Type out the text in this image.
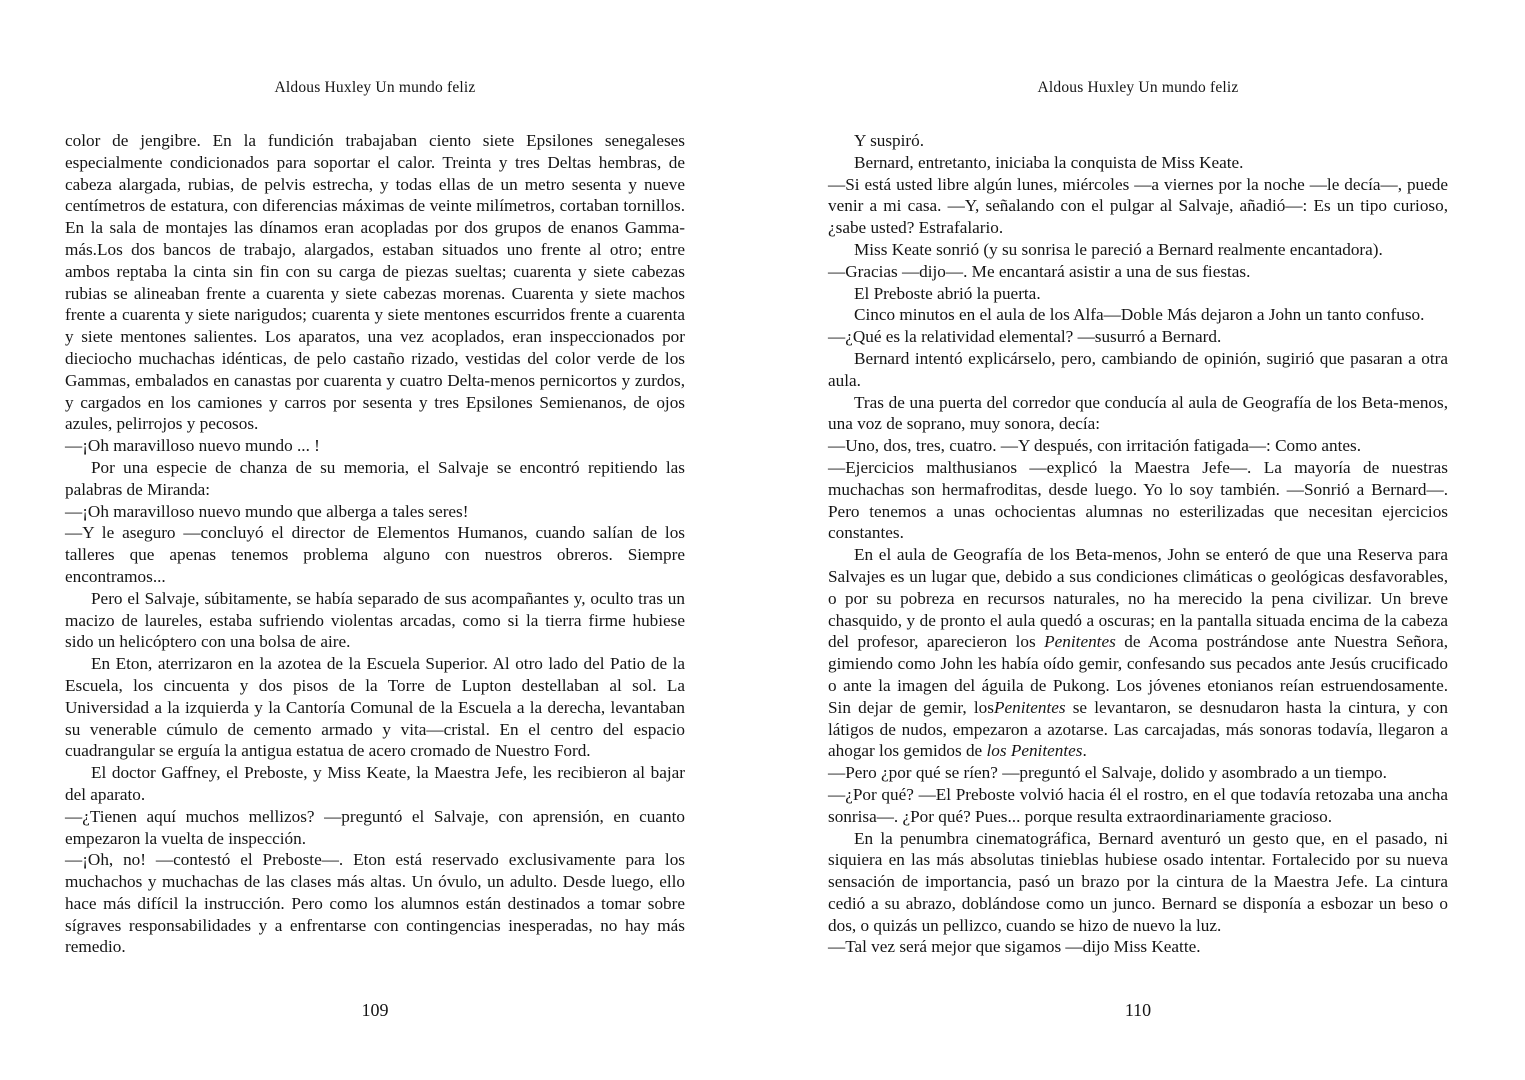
Aldous Huxley Un mundo feliz

color de jengibre. En la fundición trabajaban ciento siete Epsilones senegaleses especialmente condicionados para soportar el calor. Treinta y tres Deltas hembras, de cabeza alargada, rubias, de pelvis estrecha, y todas ellas de un metro sesenta y nueve centímetros de estatura, con diferencias máximas de veinte milímetros, cortaban tornillos. En la sala de montajes las dínamos eran acopladas por dos grupos de enanos Gamma-más.Los dos bancos de trabajo, alargados, estaban situados uno frente al otro; entre ambos reptaba la cinta sin fin con su carga de piezas sueltas; cuarenta y siete cabezas rubias se alineaban frente a cuarenta y siete cabezas morenas. Cuarenta y siete machos frente a cuarenta y siete narigudos; cuarenta y siete mentones escurridos frente a cuarenta y siete mentones salientes. Los aparatos, una vez acoplados, eran inspeccionados por dieciocho muchachas idénticas, de pelo castaño rizado, vestidas del color verde de los Gammas, embalados en canastas por cuarenta y cuatro Delta-menos pernicortos y zurdos, y cargados en los camiones y carros por sesenta y tres Epsilones Semienanos, de ojos azules, pelirrojos y pecosos.

—¡Oh maravilloso nuevo mundo ... !

Por una especie de chanza de su memoria, el Salvaje se encontró repitiendo las palabras de Miranda:

—¡Oh maravilloso nuevo mundo que alberga a tales seres!

—Y le aseguro —concluyó el director de Elementos Humanos, cuando salían de los talleres que apenas tenemos problema alguno con nuestros obreros. Siempre encontramos...

Pero el Salvaje, súbitamente, se había separado de sus acompañantes y, oculto tras un macizo de laureles, estaba sufriendo violentas arcadas, como si la tierra firme hubiese sido un helicóptero con una bolsa de aire.

En Eton, aterrizaron en la azotea de la Escuela Superior. Al otro lado del Patio de la Escuela, los cincuenta y dos pisos de la Torre de Lupton destellaban al sol. La Universidad a la izquierda y la Cantoría Comunal de la Escuela a la derecha, levantaban su venerable cúmulo de cemento armado y vita—cristal. En el centro del espacio cuadrangular se erguía la antigua estatua de acero cromado de Nuestro Ford.

El doctor Gaffney, el Preboste, y Miss Keate, la Maestra Jefe, les recibieron al bajar del aparato.

—¿Tienen aquí muchos mellizos? —preguntó el Salvaje, con aprensión, en cuanto empezaron la vuelta de inspección.

—¡Oh, no! —contestó el Preboste—. Eton está reservado exclusivamente para los muchachos y muchachas de las clases más altas. Un óvulo, un adulto. Desde luego, ello hace más difícil la instrucción. Pero como los alumnos están destinados a tomar sobre sígraves responsabilidades y a enfrentarse con contingencias inesperadas, no hay más remedio.

109
Aldous Huxley Un mundo feliz

Y suspiró.

Bernard, entretanto, iniciaba la conquista de Miss Keate.

—Si está usted libre algún lunes, miércoles —a viernes por la noche —le decía—, puede venir a mi casa. —Y, señalando con el pulgar al Salvaje, añadió—: Es un tipo curioso, ¿sabe usted? Estrafalario.

Miss Keate sonrió (y su sonrisa le pareció a Bernard realmente encantadora).

—Gracias —dijo—. Me encantará asistir a una de sus fiestas.

El Preboste abrió la puerta.

Cinco minutos en el aula de los Alfa—Doble Más dejaron a John un tanto confuso.

—¿Qué es la relatividad elemental? —susurró a Bernard.

Bernard intentó explicárselo, pero, cambiando de opinión, sugirió que pasaran a otra aula.

Tras de una puerta del corredor que conducía al aula de Geografía de los Beta-menos, una voz de soprano, muy sonora, decía:

—Uno, dos, tres, cuatro. —Y después, con irritación fatigada—: Como antes.

—Ejercicios malthusianos —explicó la Maestra Jefe—. La mayoría de nuestras muchachas son hermafroditas, desde luego. Yo lo soy también. —Sonrió a Bernard—. Pero tenemos a unas ochocientas alumnas no esterilizadas que necesitan ejercicios constantes.

En el aula de Geografía de los Beta-menos, John se enteró de que una Reserva para Salvajes es un lugar que, debido a sus condiciones climáticas o geológicas desfavorables, o por su pobreza en recursos naturales, no ha merecido la pena civilizar. Un breve chasquido, y de pronto el aula quedó a oscuras; en la pantalla situada encima de la cabeza del profesor, aparecieron los Penitentes de Acoma postrándose ante Nuestra Señora, gimiendo como John les había oído gemir, confesando sus pecados ante Jesús crucificado o ante la imagen del águila de Pukong. Los jóvenes etonianos reían estruendosamente. Sin dejar de gemir, losPenitentes se levantaron, se desnudaron hasta la cintura, y con látigos de nudos, empezaron a azotarse. Las carcajadas, más sonoras todavía, llegaron a ahogar los gemidos de los Penitentes.

—Pero ¿por qué se ríen? —preguntó el Salvaje, dolido y asombrado a un tiempo.

—¿Por qué? —El Preboste volvió hacia él el rostro, en el que todavía retozaba una ancha sonrisa—. ¿Por qué? Pues... porque resulta extraordinariamente gracioso.

En la penumbra cinematográfica, Bernard aventuró un gesto que, en el pasado, ni siquiera en las más absolutas tinieblas hubiese osado intentar. Fortalecido por su nueva sensación de importancia, pasó un brazo por la cintura de la Maestra Jefe. La cintura cedió a su abrazo, doblándose como un junco. Bernard se disponía a esbozar un beso o dos, o quizás un pellizco, cuando se hizo de nuevo la luz.

—Tal vez será mejor que sigamos —dijo Miss Keatte.

110
